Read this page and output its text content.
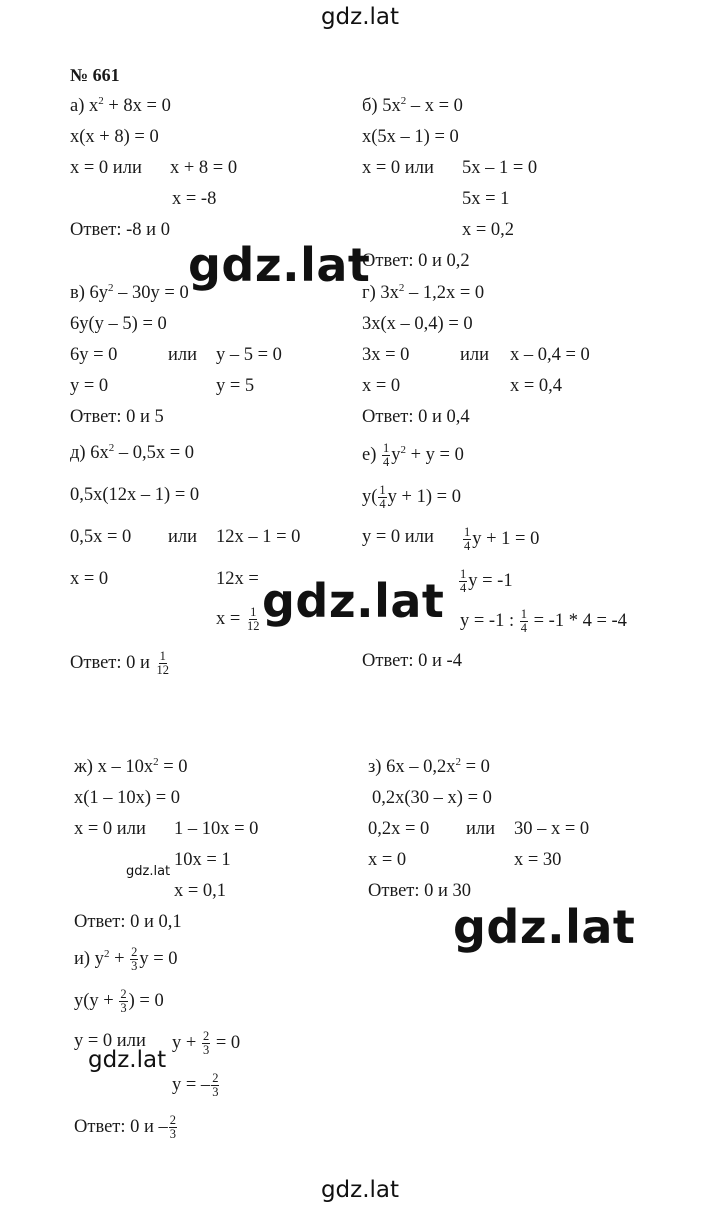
gdz.lat
№ 661
а) $x^2 + 8x = 0$
x(x + 8) = 0
x = 0 или x + 8 = 0
x = -8
Ответ: -8 и 0
б) $5x^2 - x = 0$
x(5x – 1) = 0
x = 0 или 5x – 1 = 0
5x = 1
x = 0,2
Ответ: 0 и 0,2
в) $6y^2 - 30y = 0$
6y(y – 5) = 0
6y = 0	или y – 5 = 0
y = 0	y = 5
Ответ: 0 и 5
г) $3x^2 - 1,2x = 0$
3x(x – 0,4) = 0
3x = 0	или x – 0,4 = 0
x = 0	x = 0,4
Ответ: 0 и 0,4
д) $6x^2 - 0,5x = 0$
0,5x(12x – 1) = 0
0,5x = 0 или 12x – 1 = 0
x = 0	12x =
$x = \frac{1}{12}$
Ответ: 0 и $\frac{1}{12}$
$е) \frac{1}{4} y^2 + y = 0$
$y( \frac{1}{4}$ y + 1) = 0
y = 0 или $\frac{1}{4}$ y + 1 = 0
$\frac{1}{4}$ y = -1
y = -1 : $\frac{1}{4} = -1 * 4 = -4$
Ответ: 0 и -4
ж) $x - 10x^2 = 0$
x(1 – 10x) = 0
x = 0 или 1 – 10x = 0
10x = 1
x = 0,1
Ответ: 0 и 0,1
з) $6x - 0,2x^2 = 0$
0,2x(30 – x) = 0
0,2x = 0 или 30 – x = 0
x = 0	x = 30
Ответ: 0 и 30
и) $y^2 + \frac{2}{3}$ y = 0
$y(y + \frac{2}{3}$ ) = 0
y = 0 или $y + \frac{2}{3} = 0$
y = – $\frac{2}{3}$
Ответ: 0 и – $\frac{2}{3}$
gdz.lat
gdz.lat
gdz.lat
gdz.lat
gdz.lat
gdz.lat
